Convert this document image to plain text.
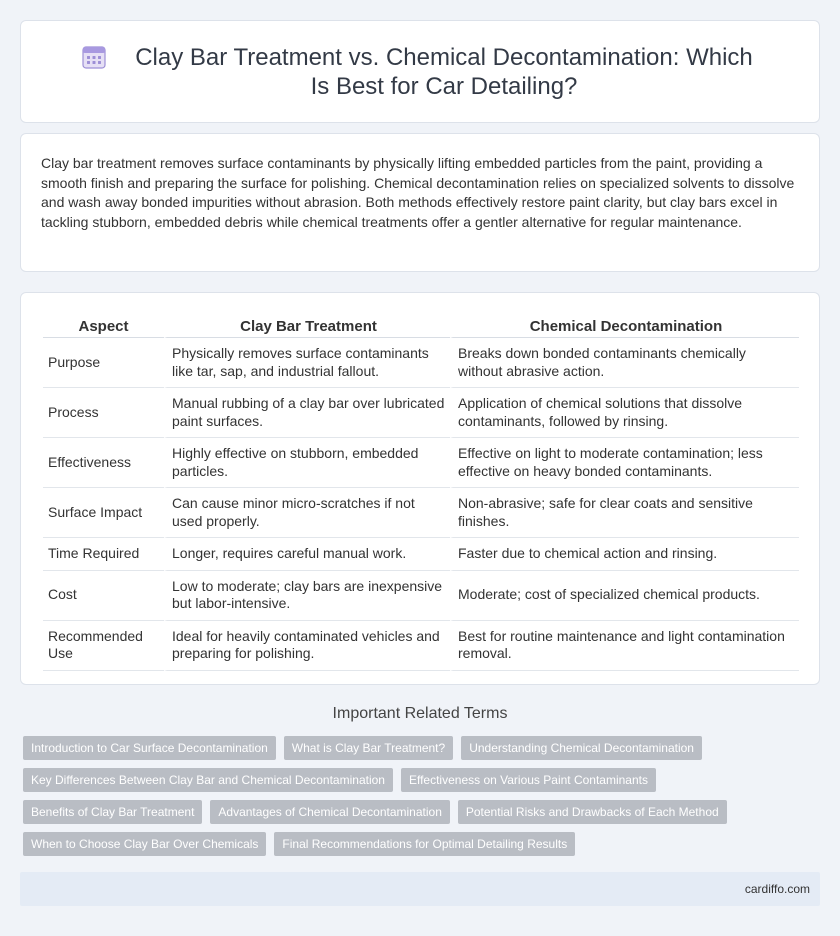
Clay Bar Treatment vs. Chemical Decontamination: Which Is Best for Car Detailing?

Clay bar treatment removes surface contaminants by physically lifting embedded particles from the paint, providing a smooth finish and preparing the surface for polishing. Chemical decontamination relies on specialized solvents to dissolve and wash away bonded impurities without abrasion. Both methods effectively restore paint clarity, but clay bars excel in tackling stubborn, embedded debris while chemical treatments offer a gentler alternative for regular maintenance.

Aspect	Clay Bar Treatment	Chemical Decontamination
Purpose	Physically removes surface contaminants like tar, sap, and industrial fallout.	Breaks down bonded contaminants chemically without abrasive action.
Process	Manual rubbing of a clay bar over lubricated paint surfaces.	Application of chemical solutions that dissolve contaminants, followed by rinsing.
Effectiveness	Highly effective on stubborn, embedded particles.	Effective on light to moderate contamination; less effective on heavy bonded contaminants.
Surface Impact	Can cause minor micro-scratches if not used properly.	Non-abrasive; safe for clear coats and sensitive finishes.
Time Required	Longer, requires careful manual work.	Faster due to chemical action and rinsing.
Cost	Low to moderate; clay bars are inexpensive but labor-intensive.	Moderate; cost of specialized chemical products.
Recommended Use	Ideal for heavily contaminated vehicles and preparing for polishing.	Best for routine maintenance and light contamination removal.
Important Related Terms
Introduction to Car Surface Decontamination	What is Clay Bar Treatment?	Understanding Chemical Decontamination
Key Differences Between Clay Bar and Chemical Decontamination	Effectiveness on Various Paint Contaminants
Benefits of Clay Bar Treatment	Advantages of Chemical Decontamination	Potential Risks and Drawbacks of Each Method
When to Choose Clay Bar Over Chemicals	Final Recommendations for Optimal Detailing Results
cardiffo.com
